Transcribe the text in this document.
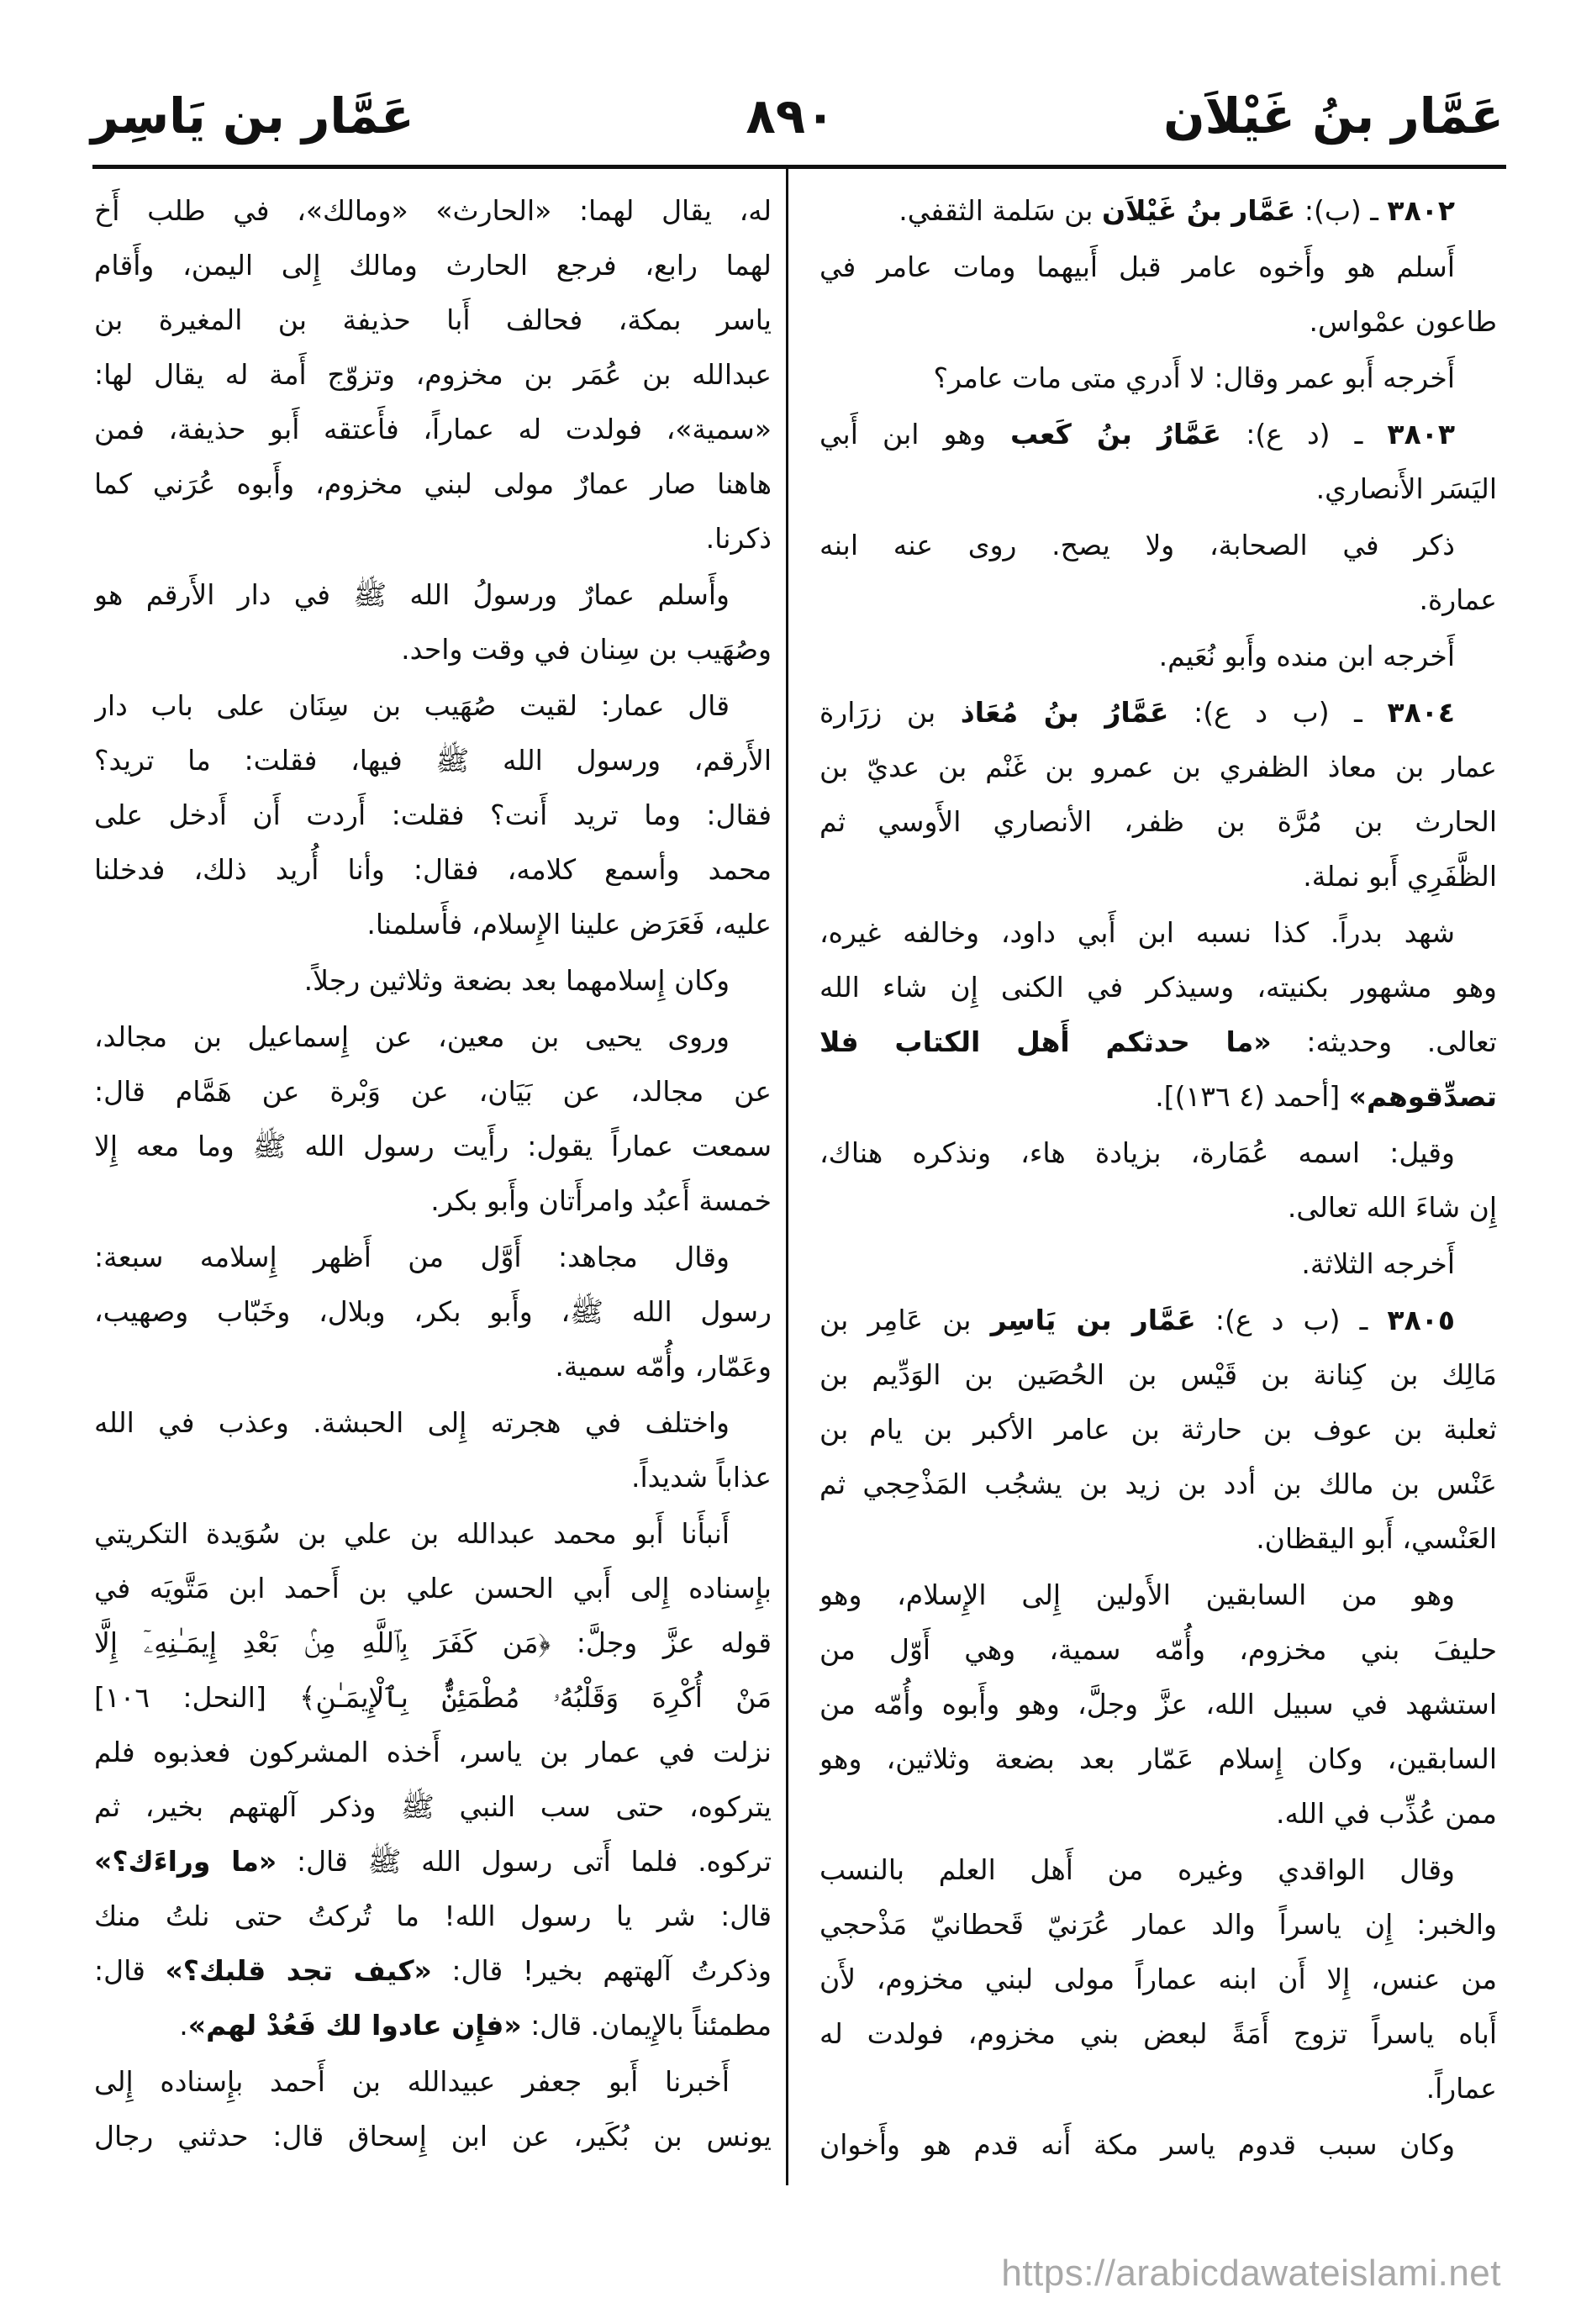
عَمَّار بنُ غَيْلاَن
٨٩٠
عَمَّار بن يَاسِر
٣٨٠٢ ـ (ب): عَمَّار بنُ غَيْلاَن بن سَلمة الثقفي.
أَسلم هو وأَخوه عامر قبل أَبيهما ومات عامر في
طاعون عمْواس.
أَخرجه أَبو عمر وقال: لا أَدري متى مات عامر؟
٣٨٠٣ ـ (د ع): عَمَّارُ بنُ كَعب وهو ابن أَبي
اليَسَر الأَنصاري.
ذكر في الصحابة، ولا يصح. روى عنه ابنه
عمارة.
أَخرجه ابن منده وأَبو نُعَيم.
٣٨٠٤ ـ (ب د ع): عَمَّارُ بنُ مُعَاذ بن زرَارة
عمار بن معاذ الظفري بن عمرو بن غَنْم بن عديّ بن
الحارث بن مُرَّة بن ظفر، الأنصاري الأَوسي ثم
الظَّفَرِي أَبو نملة.
شهد بدراً. كذا نسبه ابن أَبي داود، وخالفه غيره،
وهو مشهور بكنيته، وسيذكر في الكنى إِن شاء الله
تعالى. وحديثه: «ما حدثكم أَهل الكتاب فلا
تصدِّقوهم» [أحمد (٤ ١٣٦)].
وقيل: اسمه عُمَارة، بزيادة هاء، ونذكره هناك،
إِن شاءَ الله تعالى.
أَخرجه الثلاثة.
٣٨٠٥ ـ (ب د ع): عَمَّار بن يَاسِر بن عَامِر بن
مَالِك بن كِنانة بن قَيْس بن الحُصَين بن الوَدِّيم بن
ثعلبة بن عوف بن حارثة بن عامر الأكبر بن يام بن
عَنْس بن مالك بن أدد بن زيد بن يشجُب المَذْحِجي ثم
العَنْسي، أَبو اليقظان.
وهو من السابقين الأَولين إِلى الإِسلام، وهو
حليفَ بني مخزوم، وأُمّه سمية، وهي أَوّل من
استشهد في سبيل الله، عزَّ وجلَّ، وهو وأَبوه وأُمّه من
السابقين، وكان إِسلام عَمّار بعد بضعة وثلاثين، وهو
ممن عُذِّب في الله.
وقال الواقدي وغيره من أَهل العلم بالنسب
والخبر: إِن ياسراً والد عمار عُرَنيّ قَحطانيّ مَذْحجي
من عنس، إِلا أَن ابنه عماراً مولى لبني مخزوم، لأَن
أَباه ياسراً تزوج أَمَةً لبعض بني مخزوم، فولدت له
عماراً.
وكان سبب قدوم ياسر مكة أَنه قدم هو وأَخوان
له، يقال لهما: «الحارث» «ومالك»، في طلب أَخ
لهما رابع، فرجع الحارث ومالك إِلى اليمن، وأَقام
ياسر بمكة، فحالف أَبا حذيفة بن المغيرة بن
عبدالله بن عُمَر بن مخزوم، وتزوّج أَمة له يقال لها:
«سمية»، فولدت له عماراً، فأَعتقه أَبو حذيفة، فمن
هاهنا صار عمارٌ مولى لبني مخزوم، وأَبوه عُرَني كما
ذكرنا.
وأَسلم عمارٌ ورسولُ الله ﷺ في دار الأَرقم هو
وصُهَيب بن سِنان في وقت واحد.
قال عمار: لقيت صُهَيب بن سِنَان على باب دار
الأَرقم، ورسول الله ﷺ فيها، فقلت: ما تريد؟
فقال: وما تريد أَنت؟ فقلت: أَردت أَن أَدخل على
محمد وأسمع كلامه، فقال: وأنا أُريد ذلك، فدخلنا
عليه، فَعَرَض علينا الإِسلام، فأَسلمنا.
وكان إِسلامهما بعد بضعة وثلاثين رجلاً.
وروى يحيى بن معين، عن إِسماعيل بن مجالد،
عن مجالد، عن بَيَان، عن وَبْرة عن هَمَّام قال:
سمعت عماراً يقول: رأَيت رسول الله ﷺ وما معه إِلا
خمسة أَعبُد وامرأَتان وأَبو بكر.
وقال مجاهد: أَوَّل من أَظهر إِسلامه سبعة:
رسول الله ﷺ، وأَبو بكر، وبلال، وخَبّاب وصهيب،
وعَمّار، وأُمّه سمية.
واختلف في هجرته إِلى الحبشة. وعذب في الله
عذاباً شديداً.
أَنبأَنا أَبو محمد عبدالله بن علي بن سُوَيدة التكريتي
بإِسناده إِلى أَبي الحسن علي بن أَحمد ابن مَتَّويَه في
قوله عزَّ وجلَّ: ﴿مَن كَفَرَ بِٱللَّهِ مِنۢ بَعْدِ إِيمَـٰنِهِۦٓ إِلَّا
مَنْ أُكْرِهَ وَقَلْبُهُۥ مُطْمَئِنٌّۢ بِٱلْإِيمَـٰنِ﴾ [النحل: ١٠٦]
نزلت في عمار بن ياسر، أَخذه المشركون فعذبوه فلم
يتركوه، حتى سب النبي ﷺ وذكر آلهتهم بخير، ثم
تركوه. فلما أَتى رسول الله ﷺ قال: «ما وراءَك؟»
قال: شر يا رسول الله! ما تُركتُ حتى نلتُ منك
وذكرتُ آلهتهم بخير! قال: «كيف تجد قلبك؟» قال:
مطمئناً بالإِيمان. قال: «فإِن عادوا لك فَعُدْ لهم».
أَخبرنا أَبو جعفر عبيدالله بن أَحمد بإِسناده إِلى
يونس بن بُكَير، عن ابن إِسحاق قال: حدثني رجال
https://arabicdawateislami.net
